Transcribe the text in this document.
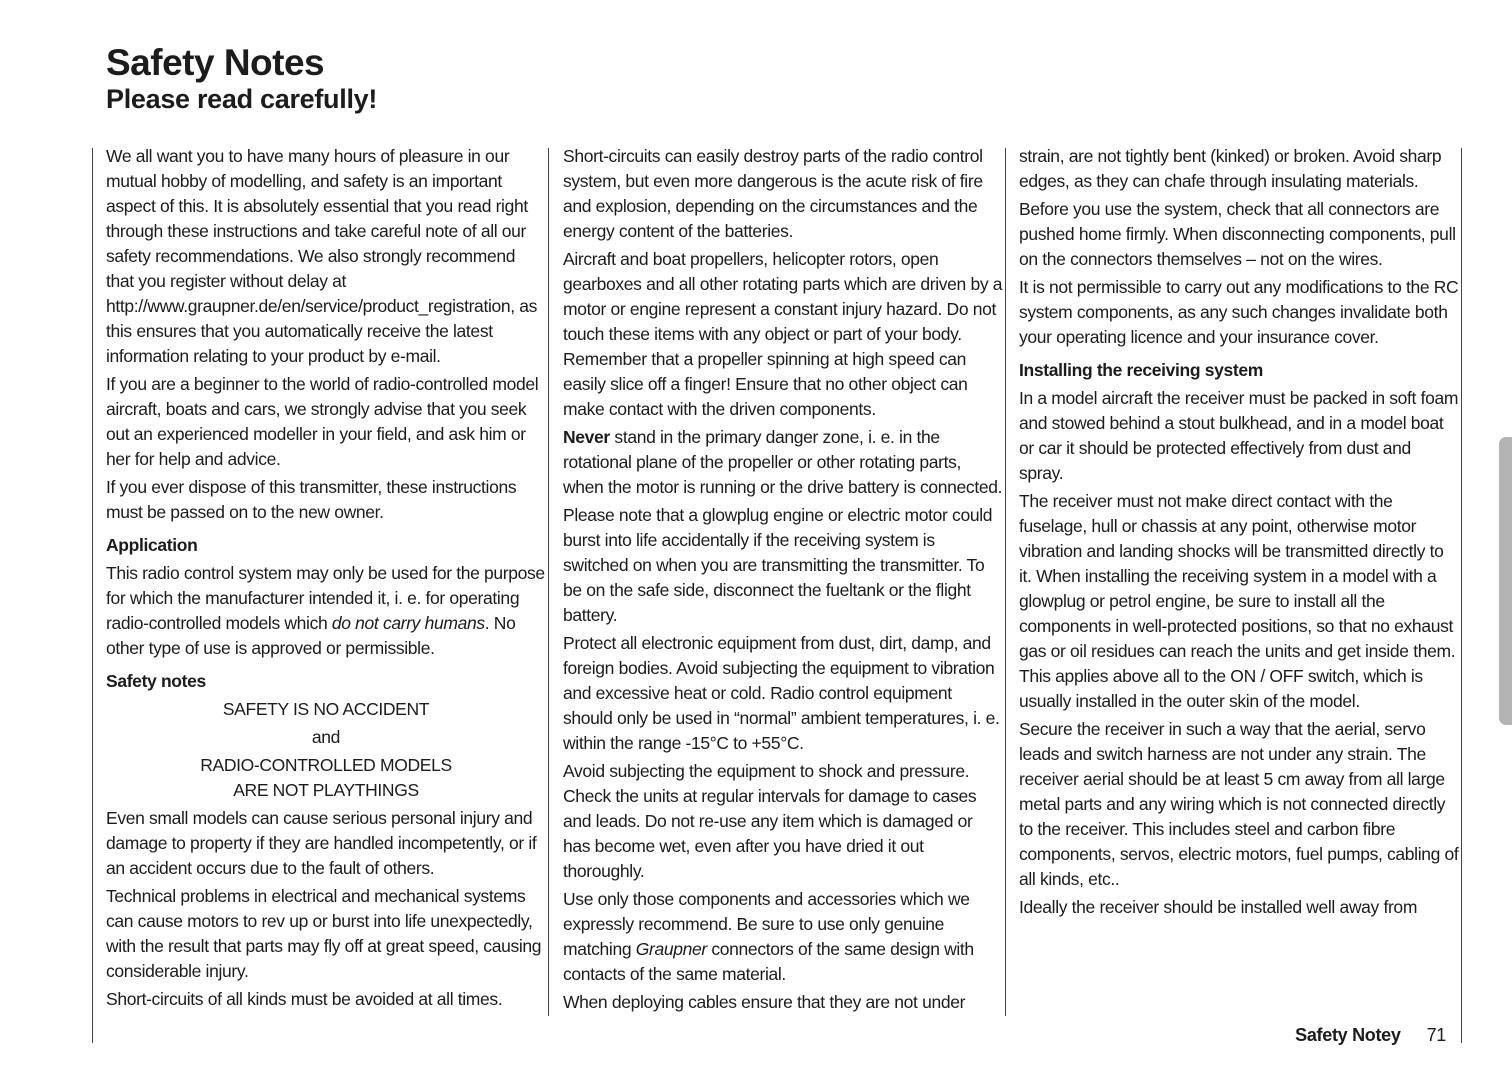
Safety Notes
Please read carefully!

We all want you to have many hours of pleasure in our mutual hobby of modelling, and safety is an important aspect of this. It is absolutely essential that you read right through these instructions and take careful note of all our safety recommendations. We also strongly recommend that you register without delay at http://www.graupner.de/en/service/product_registration, as this ensures that you automatically receive the latest information relating to your product by e-mail.

If you are a beginner to the world of radio-controlled model aircraft, boats and cars, we strongly advise that you seek out an experienced modeller in your field, and ask him or her for help and advice.

If you ever dispose of this transmitter, these instructions must be passed on to the new owner.

Application

This radio control system may only be used for the purpose for which the manufacturer intended it, i. e. for operating radio-controlled models which do not carry humans. No other type of use is approved or permissible.

Safety notes

SAFETY IS NO ACCIDENT

and

RADIO-CONTROLLED MODELS

ARE NOT PLAYTHINGS

Even small models can cause serious personal injury and damage to property if they are handled incompetently, or if an accident occurs due to the fault of others.

Technical problems in electrical and mechanical systems can cause motors to rev up or burst into life unexpectedly, with the result that parts may fly off at great speed, causing considerable injury.

Short-circuits of all kinds must be avoided at all times.

Short-circuits can easily destroy parts of the radio control system, but even more dangerous is the acute risk of fire and explosion, depending on the circumstances and the energy content of the batteries.

Aircraft and boat propellers, helicopter rotors, open gearboxes and all other rotating parts which are driven by a motor or engine represent a constant injury hazard. Do not touch these items with any object or part of your body. Remember that a propeller spinning at high speed can easily slice off a finger! Ensure that no other object can make contact with the driven components.

Never stand in the primary danger zone, i. e. in the rotational plane of the propeller or other rotating parts, when the motor is running or the drive battery is connected.

Please note that a glowplug engine or electric motor could burst into life accidentally if the receiving system is switched on when you are transmitting the transmitter. To be on the safe side, disconnect the fueltank or the flight battery.

Protect all electronic equipment from dust, dirt, damp, and foreign bodies. Avoid subjecting the equipment to vibration and excessive heat or cold. Radio control equipment should only be used in “normal” ambient temperatures, i. e. within the range -15°C to +55°C.

Avoid subjecting the equipment to shock and pressure. Check the units at regular intervals for damage to cases and leads. Do not re-use any item which is damaged or has become wet, even after you have dried it out thoroughly.

Use only those components and accessories which we expressly recommend. Be sure to use only genuine matching Graupner connectors of the same design with contacts of the same material.

When deploying cables ensure that they are not under

strain, are not tightly bent (kinked) or broken. Avoid sharp edges, as they can chafe through insulating materials.

Before you use the system, check that all connectors are pushed home firmly. When disconnecting components, pull on the connectors themselves – not on the wires.

It is not permissible to carry out any modifications to the RC system components, as any such changes invalidate both your operating licence and your insurance cover.

Installing the receiving system

In a model aircraft the receiver must be packed in soft foam and stowed behind a stout bulkhead, and in a model boat or car it should be protected effectively from dust and spray.

The receiver must not make direct contact with the fuselage, hull or chassis at any point, otherwise motor vibration and landing shocks will be transmitted directly to it. When installing the receiving system in a model with a glowplug or petrol engine, be sure to install all the components in well-protected positions, so that no exhaust gas or oil residues can reach the units and get inside them. This applies above all to the ON / OFF switch, which is usually installed in the outer skin of the model.

Secure the receiver in such a way that the aerial, servo leads and switch harness are not under any strain. The receiver aerial should be at least 5 cm away from all large metal parts and any wiring which is not connected directly to the receiver. This includes steel and carbon fibre components, servos, electric motors, fuel pumps, cabling of all kinds, etc..

Ideally the receiver should be installed well away from

Safety Notey 71
